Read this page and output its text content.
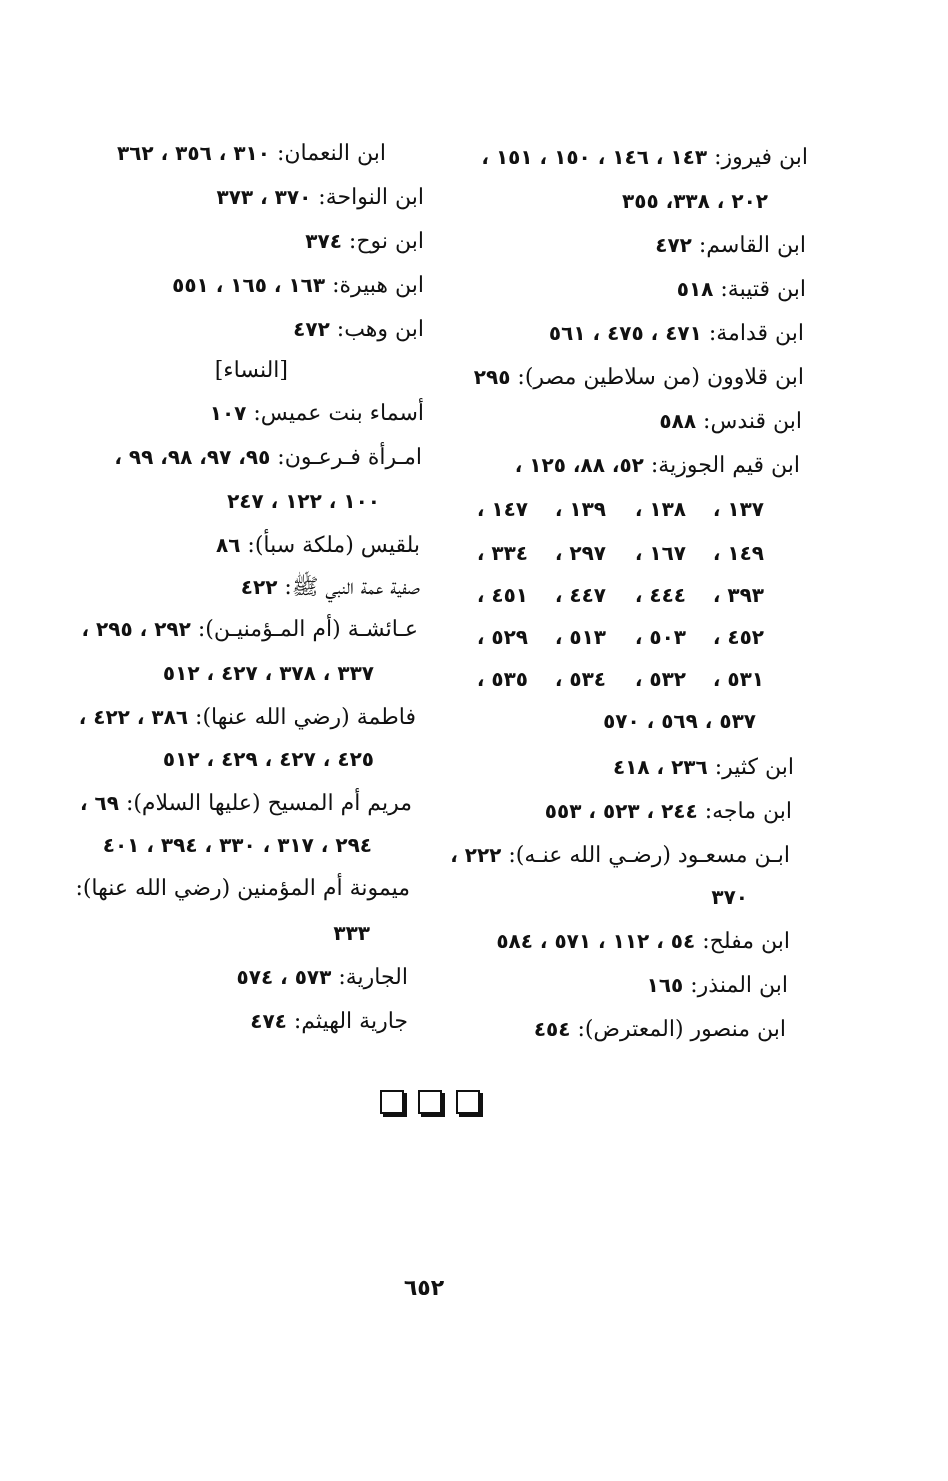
ابن فيروز: ١٤٣ ، ١٤٦ ، ١٥٠ ، ١٥١ ،
٢٠٢ ، ٣٣٨، ٣٥٥
ابن القاسم: ٤٧٢
ابن قتيبة: ٥١٨
ابن قدامة: ٤٧١ ، ٤٧٥ ، ٥٦١
ابن قلاوون (من سلاطين مصر): ٢٩٥
ابن قندس: ٥٨٨
ابن قيم الجوزية: ٥٢، ٨٨، ١٢٥ ،
١٣٧ ،
١٣٨ ،
١٣٩ ،
١٤٧ ،
١٤٩ ،
١٦٧ ،
٢٩٧ ،
٣٣٤ ،
٣٩٣ ،
٤٤٤ ،
٤٤٧ ،
٤٥١ ،
٤٥٢ ،
٥٠٣ ،
٥١٣ ،
٥٢٩ ،
٥٣١ ،
٥٣٢ ،
٥٣٤ ،
٥٣٥ ،
٥٣٧ ، ٥٦٩ ، ٥٧٠
ابن كثير: ٢٣٦ ، ٤١٨
ابن ماجه: ٢٤٤ ، ٥٢٣ ، ٥٥٣
ابـن مسعـود (رضـي الله عنـه): ٢٢٢ ،
٣٧٠
ابن مفلح: ٥٤ ، ١١٢ ، ٥٧١ ، ٥٨٤
ابن المنذر: ١٦٥
ابن منصور (المعترض): ٤٥٤
ابن النعمان: ٣١٠ ، ٣٥٦ ، ٣٦٢
ابن النواحة: ٣٧٠ ، ٣٧٣
ابن نوح: ٣٧٤
ابن هبيرة: ١٦٣ ، ١٦٥ ، ٥٥١
ابن وهب: ٤٧٢
[النساء]
أسماء بنت عميس: ١٠٧
امـرأة فـرعـون: ٩٥، ٩٧، ٩٨، ٩٩ ،
١٠٠ ، ١٢٢ ، ٢٤٧
بلقيس (ملكة سبأ): ٨٦
صفية عمة النبي ﷺ: ٤٢٢
عـائشـة (أم المـؤمنيـن): ٢٩٢ ، ٢٩٥ ،
٣٣٧ ، ٣٧٨ ، ٤٢٧ ، ٥١٢
فاطمة (رضي الله عنها): ٣٨٦ ، ٤٢٢ ،
٤٢٥ ، ٤٢٧ ، ٤٢٩ ، ٥١٢
مريم أم المسيح (عليها السلام): ٦٩ ،
٢٩٤ ، ٣١٧ ، ٣٣٠ ، ٣٩٤ ، ٤٠١
ميمونة أم المؤمنين (رضي الله عنها):
٣٣٣
الجارية: ٥٧٣ ، ٥٧٤
جارية الهيثم: ٤٧٤
٦٥٢
